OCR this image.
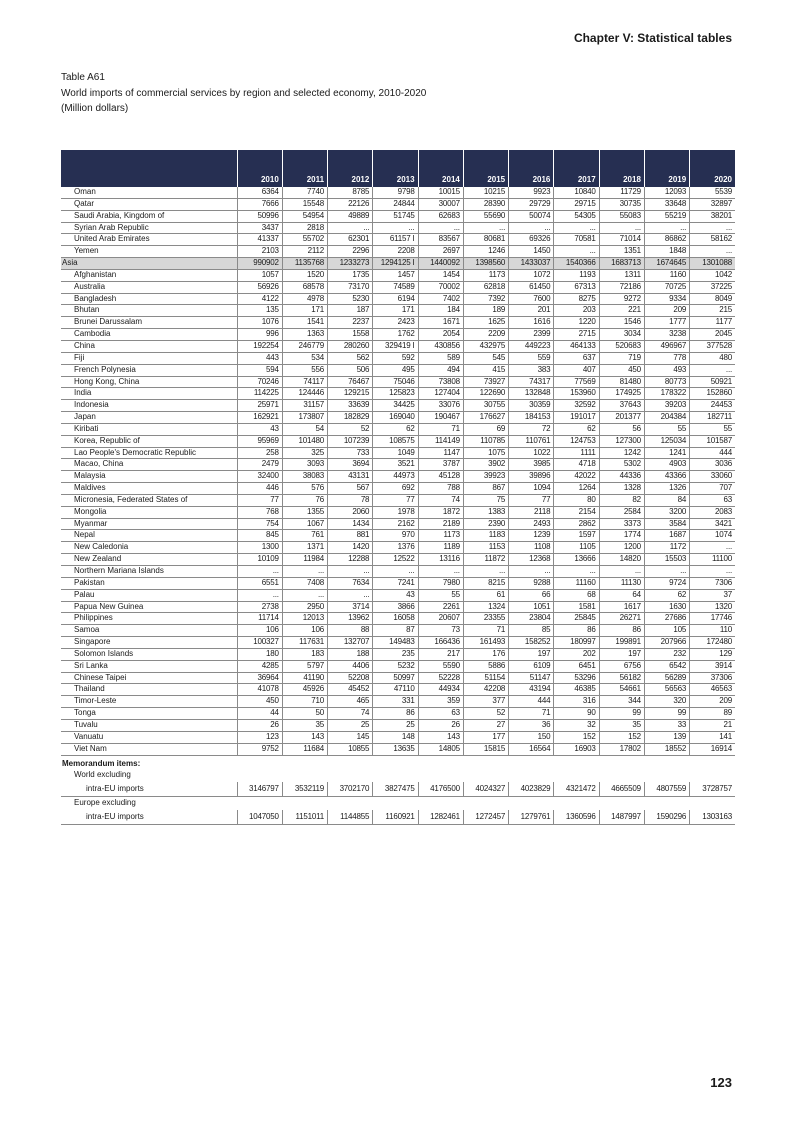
Chapter V: Statistical tables
Table A61
World imports of commercial services by region and selected economy, 2010-2020
(Million dollars)
	2010	2011	2012	2013	2014	2015	2016	2017	2018	2019	2020
Oman	6364	7740	8785	9798	10015	10215	9923	10840	11729	12093	5539
Qatar	7666	15548	22126	24844	30007	28390	29729	29715	30735	33648	32897
Saudi Arabia, Kingdom of	50996	54954	49889	51745	62683	55690	50074	54305	55083	55219	38201
Syrian Arab Republic	3437	2818	...	...	...	...	...	...	...	...	...
United Arab Emirates	41337	55702	62301	61157 I	83567	80681	69326	70581	71014	86862	58162
Yemen	2103	2112	2296	2208	2697	1246	1450	...	1351	1848	...
Asia	990902	1135768	1233273	1294125 I	1440092	1398560	1433037	1540366	1683713	1674645	1301088
Afghanistan	1057	1520	1735	1457	1454	1173	1072	1193	1311	1160	1042
Australia	56926	68578	73170	74589	70002	62818	61450	67313	72186	70725	37225
Bangladesh	4122	4978	5230	6194	7402	7392	7600	8275	9272	9334	8049
Bhutan	135	171	187	171	184	189	201	203	221	209	215
Brunei Darussalam	1076	1541	2237	2423	1671	1625	1616	1220	1546	1777	1177
Cambodia	996	1363	1558	1762	2054	2209	2399	2715	3034	3238	2045
China	192254	246779	280260	329419 I	430856	432975	449223	464133	520683	496967	377528
Fiji	443	534	562	592	589	545	559	637	719	778	480
French Polynesia	594	556	506	495	494	415	383	407	450	493	...
Hong Kong, China	70246	74117	76467	75046	73808	73927	74317	77569	81480	80773	50921
India	114225	124446	129215	125823	127404	122690	132848	153960	174925	178322	152860
Indonesia	25971	31157	33639	34425	33076	30755	30359	32592	37643	39203	24453
Japan	162921	173807	182829	169040	190467	176627	184153	191017	201377	204384	182711
Kiribati	43	54	52	62	71	69	72	62	56	55	55
Korea, Republic of	95969	101480	107239	108575	114149	110785	110761	124753	127300	125034	101587
Lao People's Democratic Republic	258	325	733	1049	1147	1075	1022	1111	1242	1241	444
Macao, China	2479	3093	3694	3521	3787	3902	3985	4718	5302	4903	3036
Malaysia	32400	38083	43131	44973	45128	39923	39896	42022	44336	43366	33060
Maldives	446	576	567	692	788	867	1094	1264	1328	1326	707
Micronesia, Federated States of	77	76	78	77	74	75	77	80	82	84	63
Mongolia	768	1355	2060	1978	1872	1383	2118	2154	2584	3200	2083
Myanmar	754	1067	1434	2162	2189	2390	2493	2862	3373	3584	3421
Nepal	845	761	881	970	1173	1183	1239	1597	1774	1687	1074
New Caledonia	1300	1371	1420	1376	1189	1153	1108	1105	1200	1172	...
New Zealand	10109	11984	12288	12522	13116	11872	12368	13666	14820	15503	11100
Northern Mariana Islands	...	...	...	...	...	...	...	...	...	...	...
Pakistan	6551	7408	7634	7241	7980	8215	9288	11160	11130	9724	7306
Palau	...	...	...	43	55	61	66	68	64	62	37
Papua New Guinea	2738	2950	3714	3866	2261	1324	1051	1581	1617	1630	1320
Philippines	11714	12013	13962	16058	20607	23355	23804	25845	26271	27686	17746
Samoa	106	106	88	87	73	71	85	86	86	105	110
Singapore	100327	117631	132707	149483	166436	161493	158252	180997	199891	207966	172480
Solomon Islands	180	183	188	235	217	176	197	202	197	232	129
Sri Lanka	4285	5797	4406	5232	5590	5886	6109	6451	6756	6542	3914
Chinese Taipei	36964	41190	52208	50997	52228	51154	51147	53296	56182	56289	37306
Thailand	41078	45926	45452	47110	44934	42208	43194	46385	54661	56563	46563
Timor-Leste	450	710	465	331	359	377	444	316	344	320	209
Tonga	44	50	74	86	63	52	71	90	99	99	89
Tuvalu	26	35	25	25	26	27	36	32	35	33	21
Vanuatu	123	143	145	148	143	177	150	152	152	139	141
Viet Nam	9752	11684	10855	13635	14805	15815	16564	16903	17802	18552	16914
Memorandum items:											
World excluding											
intra-EU imports	3146797	3532119	3702170	3827475	4176500	4024327	4023829	4321472	4665509	4807559	3728757
Europe excluding											
intra-EU imports	1047050	1151011	1144855	1160921	1282461	1272457	1279761	1360596	1487997	1590296	1303163
123
